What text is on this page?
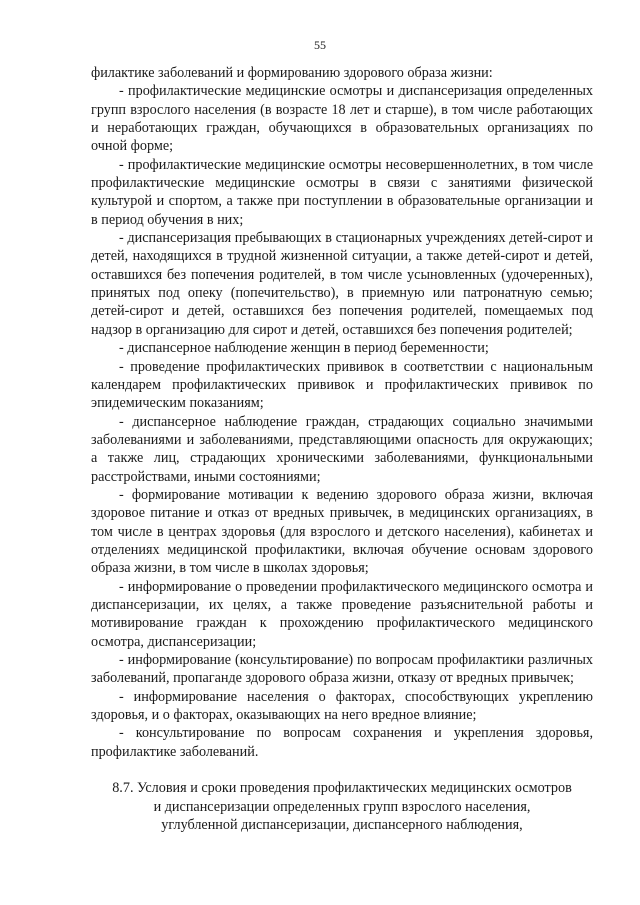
55

филактике заболеваний и формированию здорового образа жизни:

- профилактические медицинские осмотры и диспансеризация определенных групп взрослого населения (в возрасте 18 лет и старше), в том числе работающих и неработающих граждан, обучающихся в образовательных организациях по очной форме;

- профилактические медицинские осмотры несовершеннолетних, в том числе профилактические медицинские осмотры в связи с занятиями физической культурой и спортом, а также при поступлении в образовательные организации и в период обучения в них;

- диспансеризация пребывающих в стационарных учреждениях детей-сирот и детей, находящихся в трудной жизненной ситуации, а также детей-сирот и детей, оставшихся без попечения родителей, в том числе усыновленных (удочеренных), принятых под опеку (попечительство), в приемную или патронатную семью; детей-сирот и детей, оставшихся без попечения родителей, помещаемых под надзор в организацию для сирот и детей, оставшихся без попечения родителей;

- диспансерное наблюдение женщин в период беременности;

- проведение профилактических прививок в соответствии с национальным календарем профилактических прививок и профилактических прививок по эпидемическим показаниям;

- диспансерное наблюдение граждан, страдающих социально значимыми заболеваниями и заболеваниями, представляющими опасность для окружающих; а также лиц, страдающих хроническими заболеваниями, функциональными расстройствами, иными состояниями;

- формирование мотивации к ведению здорового образа жизни, включая здоровое питание и отказ от вредных привычек, в медицинских организациях, в том числе в центрах здоровья (для взрослого и детского населения), кабинетах и отделениях медицинской профилактики, включая обучение основам здорового образа жизни, в том числе в школах здоровья;

- информирование о проведении профилактического медицинского осмотра и диспансеризации, их целях, а также проведение разъяснительной работы и мотивирование граждан к прохождению профилактического медицинского осмотра, диспансеризации;

- информирование (консультирование) по вопросам профилактики различных заболеваний, пропаганде здорового образа жизни, отказу от вредных привычек;

- информирование населения о факторах, способствующих укреплению здоровья, и о факторах, оказывающих на него вредное влияние;

- консультирование по вопросам сохранения и укрепления здоровья, профилактике заболеваний.

8.7. Условия и сроки проведения профилактических медицинских осмотров
и диспансеризации определенных групп взрослого населения,
углубленной диспансеризации, диспансерного наблюдения,
